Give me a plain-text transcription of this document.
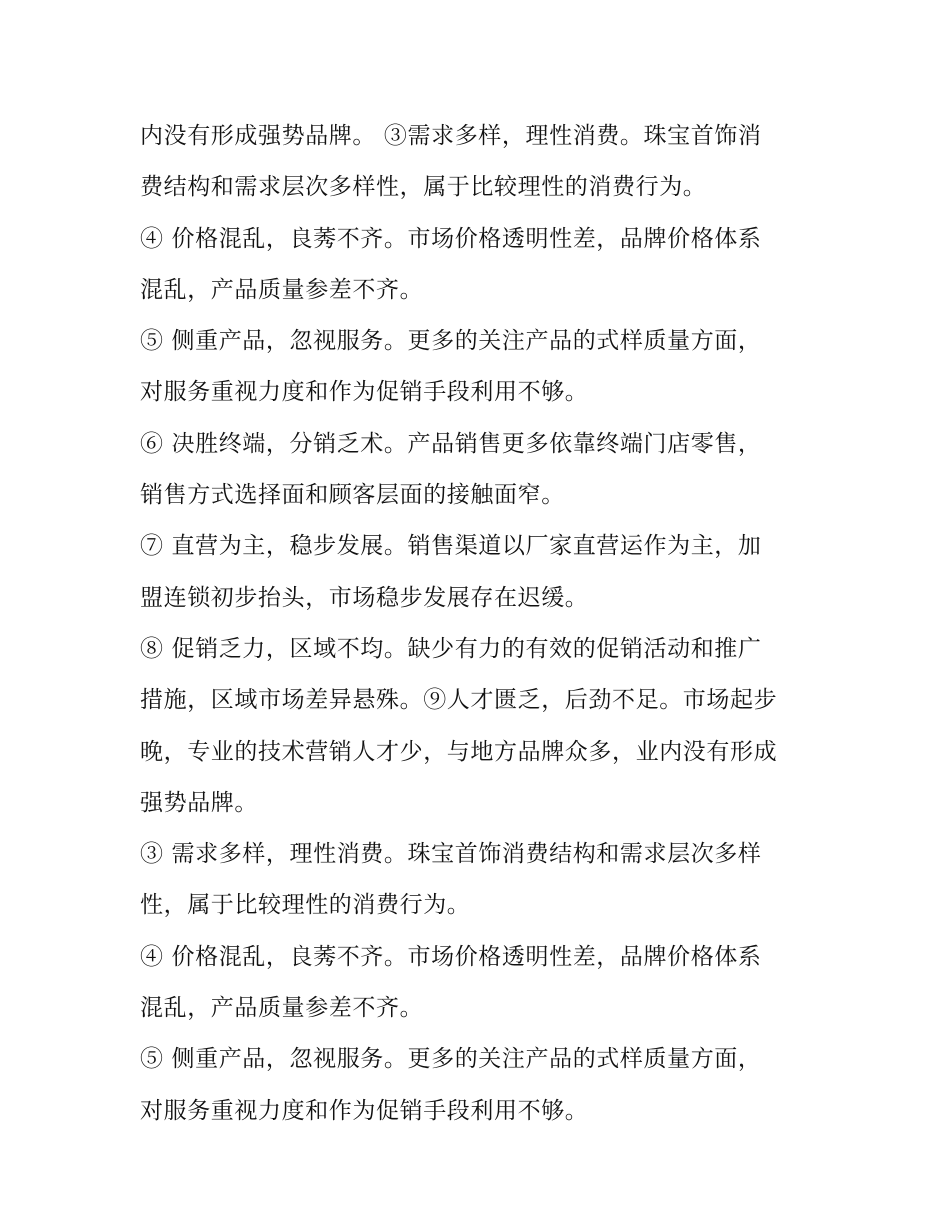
内没有形成强势品牌。 ③需求多样，理性消费。珠宝首饰消
费结构和需求层次多样性，属于比较理性的消费行为。
④ 价格混乱，良莠不齐。市场价格透明性差，品牌价格体系
混乱，产品质量参差不齐。
⑤ 侧重产品，忽视服务。更多的关注产品的式样质量方面，
对服务重视力度和作为促销手段利用不够。
⑥ 决胜终端，分销乏术。产品销售更多依靠终端门店零售，
销售方式选择面和顾客层面的接触面窄。
⑦ 直营为主，稳步发展。销售渠道以厂家直营运作为主，加
盟连锁初步抬头，市场稳步发展存在迟缓。
⑧ 促销乏力，区域不均。缺少有力的有效的促销活动和推广
措施，区域市场差异悬殊。⑨人才匮乏，后劲不足。市场起步
晚，专业的技术营销人才少，与地方品牌众多，业内没有形成
强势品牌。
③ 需求多样，理性消费。珠宝首饰消费结构和需求层次多样
性，属于比较理性的消费行为。
④ 价格混乱，良莠不齐。市场价格透明性差，品牌价格体系
混乱，产品质量参差不齐。
⑤ 侧重产品，忽视服务。更多的关注产品的式样质量方面，
对服务重视力度和作为促销手段利用不够。
